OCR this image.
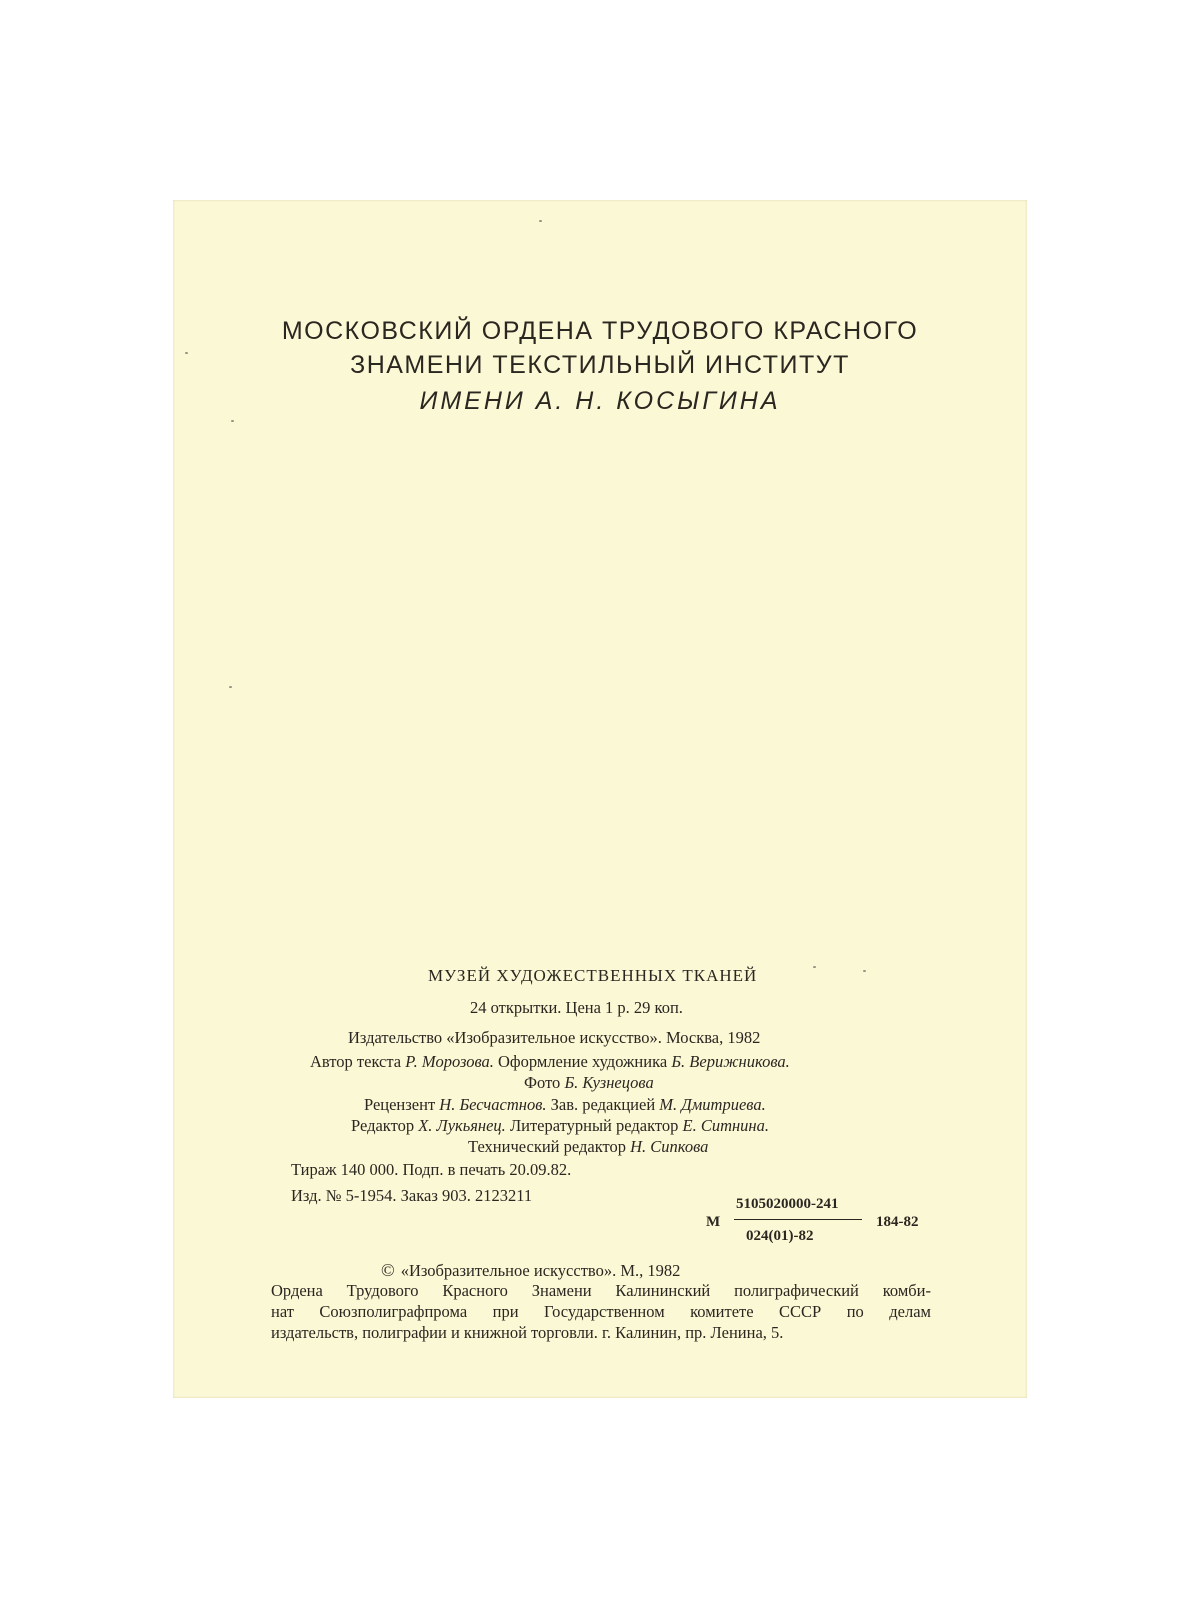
МОСКОВСКИЙ ОРДЕНА ТРУДОВОГО КРАСНОГО
ЗНАМЕНИ ТЕКСТИЛЬНЫЙ ИНСТИТУТ
ИМЕНИ А. Н. КОСЫГИНА
МУЗЕЙ ХУДОЖЕСТВЕННЫХ ТКАНЕЙ
24 открытки. Цена 1 р. 29 коп.
Издательство «Изобразительное искусство». Москва, 1982
Автор текста Р. Морозова. Оформление художника Б. Верижникова.
Фото Б. Кузнецова
Рецензент Н. Бесчастнов. Зав. редакцией М. Дмитриева.
Редактор Х. Лукьянец. Литературный редактор Е. Ситнина.
Технический редактор Н. Сипкова
Тираж 140 000. Подп. в печать 20.09.82.
Изд. № 5-1954. Заказ 903. 2123211
М
5105020000-241
024(01)-82
184-82
© «Изобразительное искусство». М., 1982
Ордена Трудового Красного Знамени Калининский полиграфический комби-
нат Союзполиграфпрома при Государственном комитете СССР по делам
издательств, полиграфии и книжной торговли. г. Калинин, пр. Ленина, 5.
